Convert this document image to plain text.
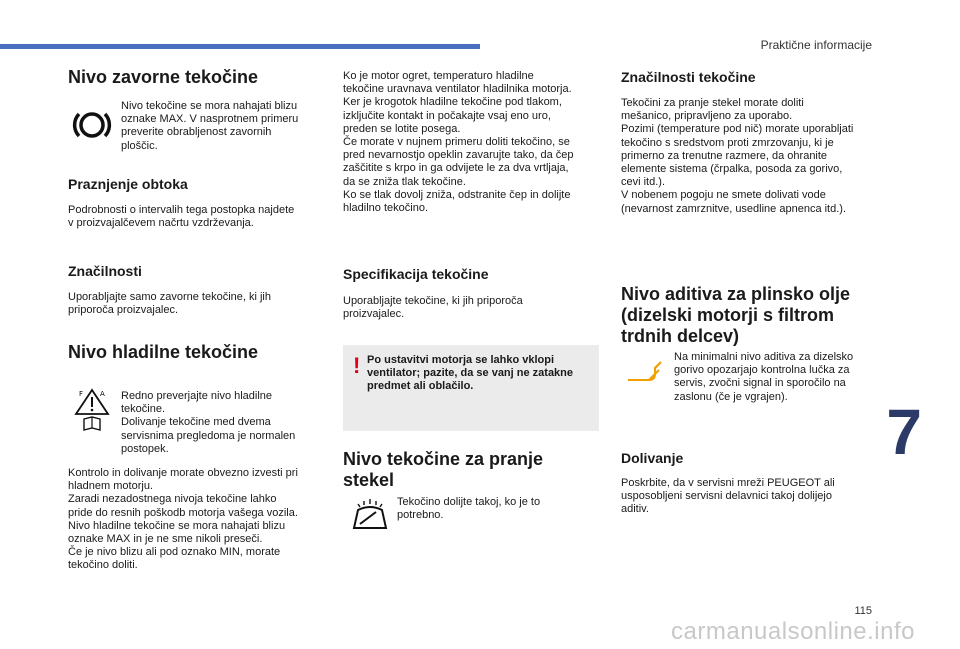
Praktične informacije
7
115
carmanualsonline.info
Nivo zavorne tekočine
Nivo tekočine se mora nahajati blizu
oznake MAX. V nasprotnem primeru
preverite obrabljenost zavornih
ploščic.
Praznjenje obtoka
Podrobnosti o intervalih tega postopka najdete
v proizvajalčevem načrtu vzdrževanja.
Značilnosti
Uporabljajte samo zavorne tekočine, ki jih
priporoča proizvajalec.
Nivo hladilne tekočine
F A Redno preverjajte nivo hladilne
tekočine.
Dolivanje tekočine med dvema
servisnima pregledoma je normalen
postopek.
Kontrolo in dolivanje morate obvezno izvesti pri
hladnem motorju.
Zaradi nezadostnega nivoja tekočine lahko
pride do resnih poškodb motorja vašega vozila.
Nivo hladilne tekočine se mora nahajati blizu
oznake MAX in je ne sme nikoli preseči.
Če je nivo blizu ali pod oznako MIN, morate
tekočino doliti.
Ko je motor ogret, temperaturo hladilne
tekočine uravnava ventilator hladilnika motorja.
Ker je krogotok hladilne tekočine pod tlakom,
izključite kontakt in počakajte vsaj eno uro,
preden se lotite posega.
Če morate v nujnem primeru doliti tekočino, se
pred nevarnostjo opeklin zavarujte tako, da čep
zaščitite s krpo in ga odvijete le za dva vrtljaja,
da se zniža tlak tekočine.
Ko se tlak dovolj zniža, odstranite čep in dolijte
hladilno tekočino.
Specifikacija tekočine
Uporabljajte tekočine, ki jih priporoča
proizvajalec.
! Po ustavitvi motorja se lahko vklopi
ventilator; pazite, da se vanj ne zatakne
predmet ali oblačilo.
Nivo tekočine za pranje
stekel
Tekočino dolijte takoj, ko je to
potrebno.
Značilnosti tekočine
Tekočini za pranje stekel morate doliti
mešanico, pripravljeno za uporabo.
Pozimi (temperature pod nič) morate uporabljati
tekočino s sredstvom proti zmrzovanju, ki je
primerno za trenutne razmere, da ohranite
elemente sistema (črpalka, posoda za gorivo,
cevi itd.).
V nobenem pogoju ne smete dolivati vode
(nevarnost zamrznitve, usedline apnenca itd.).
Nivo aditiva za plinsko olje
(dizelski motorji s filtrom
trdnih delcev)
Na minimalni nivo aditiva za dizelsko
gorivo opozarjajo kontrolna lučka za
servis, zvočni signal in sporočilo na
zaslonu (če je vgrajen).
Dolivanje
Poskrbite, da v servisni mreži PEUGEOT ali
usposobljeni servisni delavnici takoj dolijejo
aditiv.
